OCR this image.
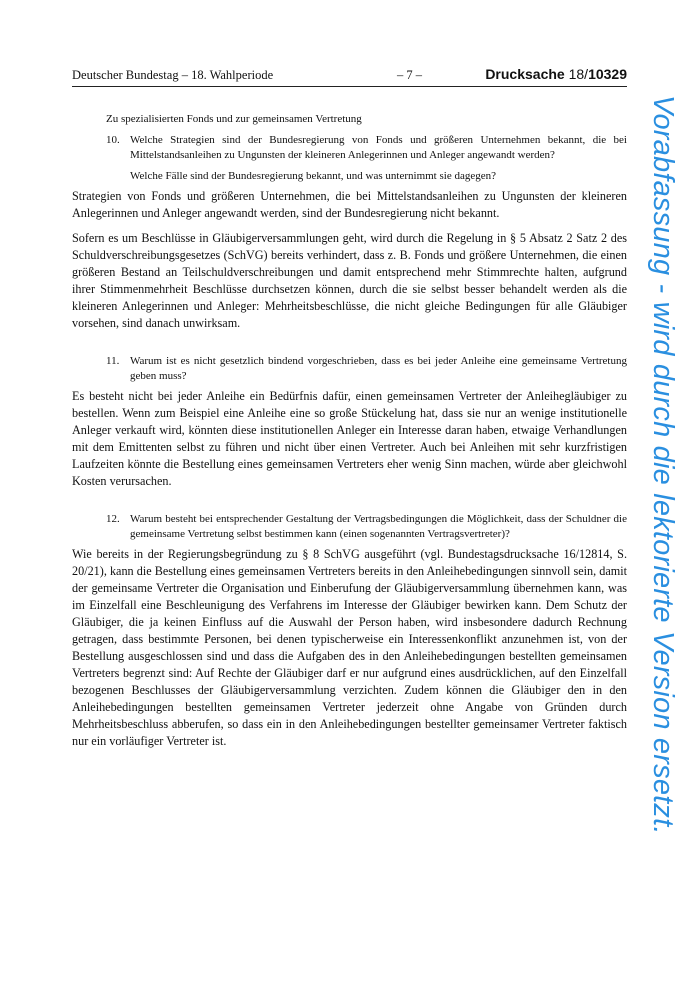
Deutscher Bundestag – 18. Wahlperiode	– 7 –	Drucksache 18/10329
Zu spezialisierten Fonds und zur gemeinsamen Vertretung
10. Welche Strategien sind der Bundesregierung von Fonds und größeren Unternehmen bekannt, die bei Mittelstandsanleihen zu Ungunsten der kleineren Anlegerinnen und Anleger angewandt werden?

Welche Fälle sind der Bundesregierung bekannt, und was unternimmt sie dagegen?

Strategien von Fonds und größeren Unternehmen, die bei Mittelstandsanleihen zu Ungunsten der kleineren Anlegerinnen und Anleger angewandt werden, sind der Bundesregierung nicht bekannt.

Sofern es um Beschlüsse in Gläubigerversammlungen geht, wird durch die Regelung in § 5 Absatz 2 Satz 2 des Schuldverschreibungsgesetzes (SchVG) bereits verhindert, dass z. B. Fonds und größere Unternehmen, die einen größeren Bestand an Teilschuldverschreibungen und damit entsprechend mehr Stimmrechte halten, aufgrund ihrer Stimmenmehrheit Beschlüsse durchsetzen können, durch die sie selbst besser behandelt werden als die kleineren Anlegerinnen und Anleger: Mehrheitsbeschlüsse, die nicht gleiche Bedingungen für alle Gläubiger vorsehen, sind danach unwirksam.

11. Warum ist es nicht gesetzlich bindend vorgeschrieben, dass es bei jeder Anleihe eine gemeinsame Vertretung geben muss?

Es besteht nicht bei jeder Anleihe ein Bedürfnis dafür, einen gemeinsamen Vertreter der Anleihegläubiger zu bestellen. Wenn zum Beispiel eine Anleihe eine so große Stückelung hat, dass sie nur an wenige institutionelle Anleger verkauft wird, könnten diese institutionellen Anleger ein Interesse daran haben, etwaige Verhandlungen mit dem Emittenten selbst zu führen und nicht über einen Vertreter. Auch bei Anleihen mit sehr kurzfristigen Laufzeiten könnte die Bestellung eines gemeinsamen Vertreters eher wenig Sinn machen, würde aber gleichwohl Kosten verursachen.

12. Warum besteht bei entsprechender Gestaltung der Vertragsbedingungen die Möglichkeit, dass der Schuldner die gemeinsame Vertretung selbst bestimmen kann (einen sogenannten Vertragsvertreter)?

Wie bereits in der Regierungsbegründung zu § 8 SchVG ausgeführt (vgl. Bundestagsdrucksache 16/12814, S. 20/21), kann die Bestellung eines gemeinsamen Vertreters bereits in den Anleihebedingungen sinnvoll sein, damit der gemeinsame Vertreter die Organisation und Einberufung der Gläubigerversammlung übernehmen kann, was im Einzelfall eine Beschleunigung des Verfahrens im Interesse der Gläubiger bewirken kann. Dem Schutz der Gläubiger, die ja keinen Einfluss auf die Auswahl der Person haben, wird insbesondere dadurch Rechnung getragen, dass bestimmte Personen, bei denen typischerweise ein Interessenkonflikt anzunehmen ist, von der Bestellung ausgeschlossen sind und dass die Aufgaben des in den Anleihebedingungen bestellten gemeinsamen Vertreters begrenzt sind: Auf Rechte der Gläubiger darf er nur aufgrund eines ausdrücklichen, auf den Einzelfall bezogenen Beschlusses der Gläubigerversammlung verzichten. Zudem können die Gläubiger den in den Anleihebedingungen bestellten gemeinsamen Vertreter jederzeit ohne Angabe von Gründen durch Mehrheitsbeschluss abberufen, so dass ein in den Anleihebedingungen bestellter gemeinsamer Vertreter faktisch nur ein vorläufiger Vertreter ist.	Vorabfassung - wird durch die lektorierte Version ersetzt.
